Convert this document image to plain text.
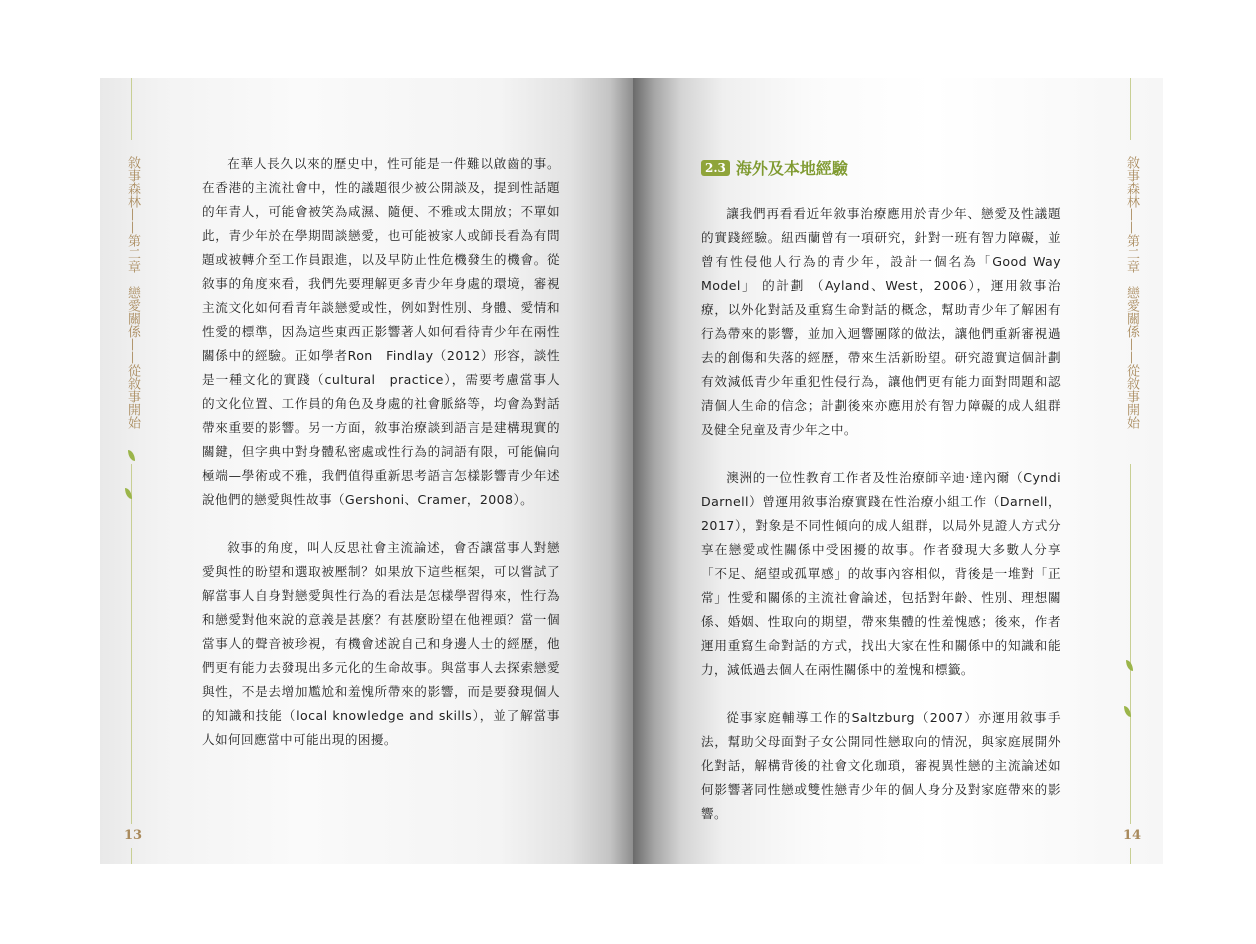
敘事森林——第二章　戀愛關係——從敘事開始	在華人長久以來的歷史中，性可能是一件難以啟齒的事。在香港的主流社會中，性的議題很少被公開談及，提到性話題的年青人，可能會被笑為咸濕、隨便、不雅或太開放；不單如此，青少年於在學期間談戀愛，也可能被家人或師長看為有問題或被轉介至工作員跟進，以及早防止性危機發生的機會。從敘事的角度來看，我們先要理解更多青少年身處的環境，審視主流文化如何看青年談戀愛或性，例如對性別、身體、愛情和性愛的標準，因為這些東西正影響著人如何看待青少年在兩性關係中的經驗。正如學者Ron　Findlay（2012）形容，談性是一種文化的實踐（cultural　practice），需要考慮當事人的文化位置、工作員的角色及身處的社會脈絡等，均會為對話帶來重要的影響。另一方面，敘事治療談到語言是建構現實的關鍵，但字典中對身體私密處或性行為的詞語有限，可能偏向極端—學術或不雅，我們值得重新思考語言怎樣影響青少年述說他們的戀愛與性故事（Gershoni、Cramer，2008）。

敘事的角度，叫人反思社會主流論述，會否讓當事人對戀愛與性的盼望和選取被壓制？如果放下這些框架，可以嘗試了解當事人自身對戀愛與性行為的看法是怎樣學習得來，性行為和戀愛對他來說的意義是甚麼？有甚麼盼望在他裡頭？當一個當事人的聲音被珍視，有機會述說自己和身邊人士的經歷，他們更有能力去發現出多元化的生命故事。與當事人去探索戀愛與性，不是去增加尷尬和羞愧所帶來的影響，而是要發現個人的知識和技能（local knowledge and skills），並了解當事人如何回應當中可能出現的困擾。

13
2.3 海外及本地經驗

讓我們再看看近年敘事治療應用於青少年、戀愛及性議題的實踐經驗。紐西蘭曾有一項研究，針對一班有智力障礙，並曾有性侵他人行為的青少年，設計一個名為「Good Way Model」 的計劃 （Ayland、West，2006），運用敘事治療，以外化對話及重寫生命對話的概念，幫助青少年了解困有行為帶來的影響，並加入迴響團隊的做法，讓他們重新審視過去的創傷和失落的經歷，帶來生活新盼望。研究證實這個計劃有效減低青少年重犯性侵行為，讓他們更有能力面對問題和認清個人生命的信念；計劃後來亦應用於有智力障礙的成人組群及健全兒童及青少年之中。

澳洲的一位性教育工作者及性治療師辛迪‧達內爾（Cyndi Darnell）曾運用敘事治療實踐在性治療小組工作（Darnell，2017），對象是不同性傾向的成人組群，以局外見證人方式分享在戀愛或性關係中受困擾的故事。作者發現大多數人分享「不足、絕望或孤單感」的故事內容相似，背後是一堆對「正常」性愛和關係的主流社會論述，包括對年齡、性別、理想關係、婚姻、性取向的期望，帶來集體的性羞愧感；後來，作者運用重寫生命對話的方式，找出大家在性和關係中的知識和能力，減低過去個人在兩性關係中的羞愧和標籤。

從事家庭輔導工作的Saltzburg（2007）亦運用敘事手法，幫助父母面對子女公開同性戀取向的情況，與家庭展開外化對話，解構背後的社會文化珈瑣，審視異性戀的主流論述如何影響著同性戀或雙性戀青少年的個人身分及對家庭帶來的影響。

敘事森林——第二章　戀愛關係——從敘事開始
14
